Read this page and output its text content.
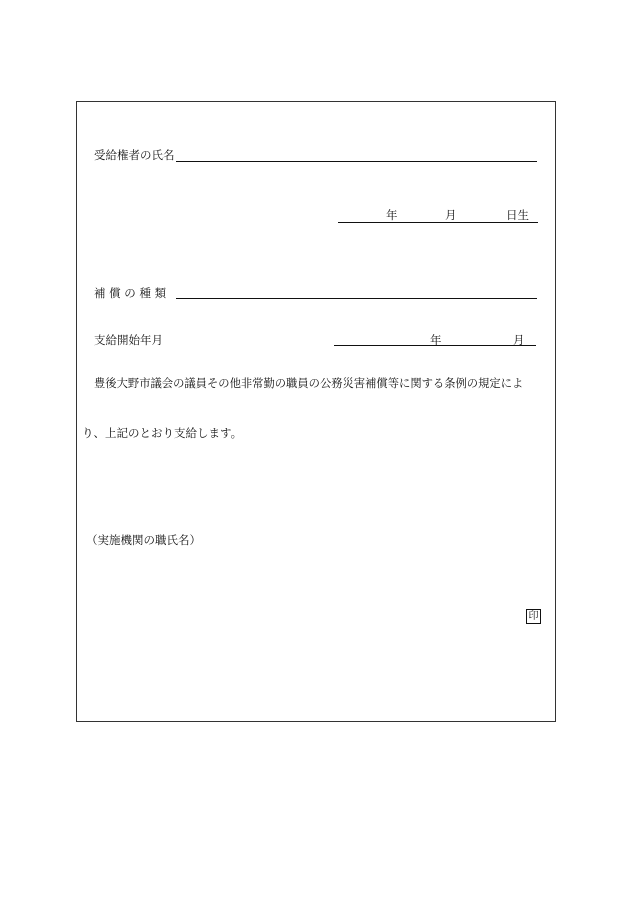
受給権者の氏名
年	月	日生
補 償 の 種 類
支給開始年月	年	月
豊後大野市議会の議員その他非常勤の職員の公務災害補償等に関する条例の規定によ
り、上記のとおり支給します。
（実施機関の職氏名）
印
